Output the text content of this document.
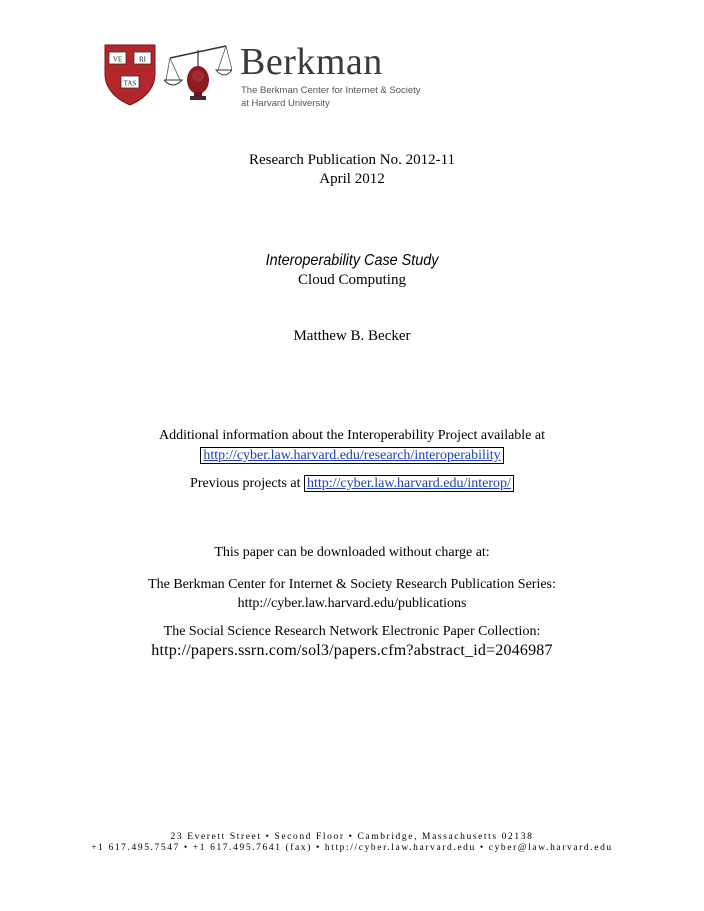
VE RI
TAS
Berkman
The Berkman Center for Internet & Society
at Harvard University
Research Publication No. 2012-11
April 2012
Interoperability Case Study
Cloud Computing
Matthew B. Becker
Additional information about the Interoperability Project available at
http://cyber.law.harvard.edu/research/interoperability
Previous projects at http://cyber.law.harvard.edu/interop/
This paper can be downloaded without charge at:
The Berkman Center for Internet & Society Research Publication Series:
http://cyber.law.harvard.edu/publications
The Social Science Research Network Electronic Paper Collection:
http://papers.ssrn.com/sol3/papers.cfm?abstract_id=2046987
23 Everett Street • Second Floor • Cambridge, Massachusetts 02138
+1 617.495.7547 • +1 617.495.7641 (fax) • http://cyber.law.harvard.edu • cyber@law.harvard.edu
